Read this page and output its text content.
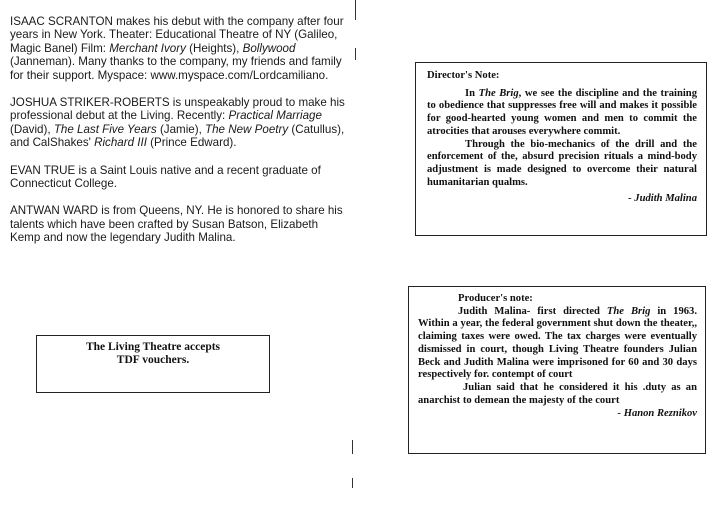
ISAAC SCRANTON makes his debut with the company after four years in New York. Theater: Educational Theatre of NY (Galileo, Magic Banel) Film: Merchant Ivory (Heights), Bollywood (Janneman). Many thanks to the company, my friends and family for their support. Myspace: www.myspace.com/Lordcamiliano.
JOSHUA STRIKER-ROBERTS is unspeakably proud to make his professional debut at the Living. Recently: Practical Marriage (David), The Last Five Years (Jamie), The New Poetry (Catullus), and CalShakes' Richard III (Prince Edward).
EVAN TRUE is a Saint Louis native and a recent graduate of Connecticut College.
ANTWAN WARD is from Queens, NY. He is honored to share his talents which have been crafted by Susan Batson, Elizabeth Kemp and now the legendary Judith Malina.
The Living Theatre accepts TDF vouchers.
Director's Note:

In The Brig, we see the discipline and the training to obedience that suppresses free will and makes it possible for good-hearted young women and men to commit the atrocities that arouses everywhere commit.

Through the bio-mechanics of the drill and the enforcement of the, absurd precision rituals a mind-body adjustment is made designed to overcome their natural humanitarian qualms.

- Judith Malina
Producer's note:

Judith Malina- first directed The Brig in 1963. Within a year, the federal government shut down the theater,, claiming taxes were owed. The tax charges were eventually dismissed in court, though Living Theatre founders Julian Beck and Judith Malina were imprisoned for 60 and 30 days respectively for. contempt of court

Julian said that he considered it his .duty as an anarchist to demean the majesty of the court

- Hanon Reznikov
